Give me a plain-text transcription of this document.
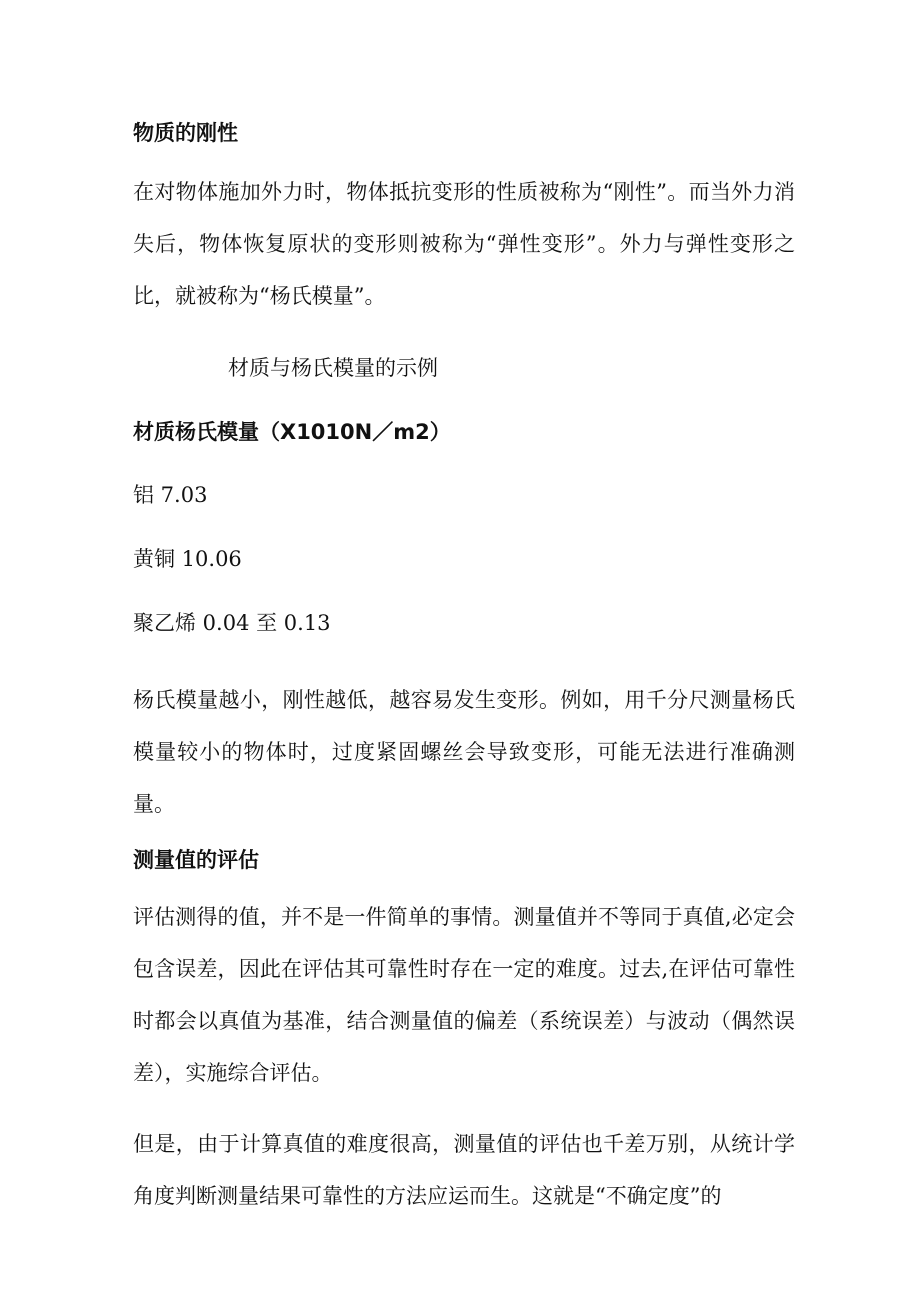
物质的刚性

在对物体施加外力时，物体抵抗变形的性质被称为“刚性”。而当外力消失后，物体恢复原状的变形则被称为“弹性变形”。外力与弹性变形之比，就被称为“杨氏模量”。

材质与杨氏模量的示例

材质杨氏模量（X1010N／m2）

铝 7.03

黄铜 10.06

聚乙烯 0.04 至 0.13

杨氏模量越小，刚性越低，越容易发生变形。例如，用千分尺测量杨氏模量较小的物体时，过度紧固螺丝会导致变形，可能无法进行准确测量。

测量值的评估

评估测得的值，并不是一件简单的事情。测量值并不等同于真值,必定会包含误差，因此在评估其可靠性时存在一定的难度。过去,在评估可靠性时都会以真值为基准，结合测量值的偏差（系统误差）与波动（偶然误差），实施综合评估。

但是，由于计算真值的难度很高，测量值的评估也千差万别，从统计学角度判断测量结果可靠性的方法应运而生。这就是“不确定度”的
